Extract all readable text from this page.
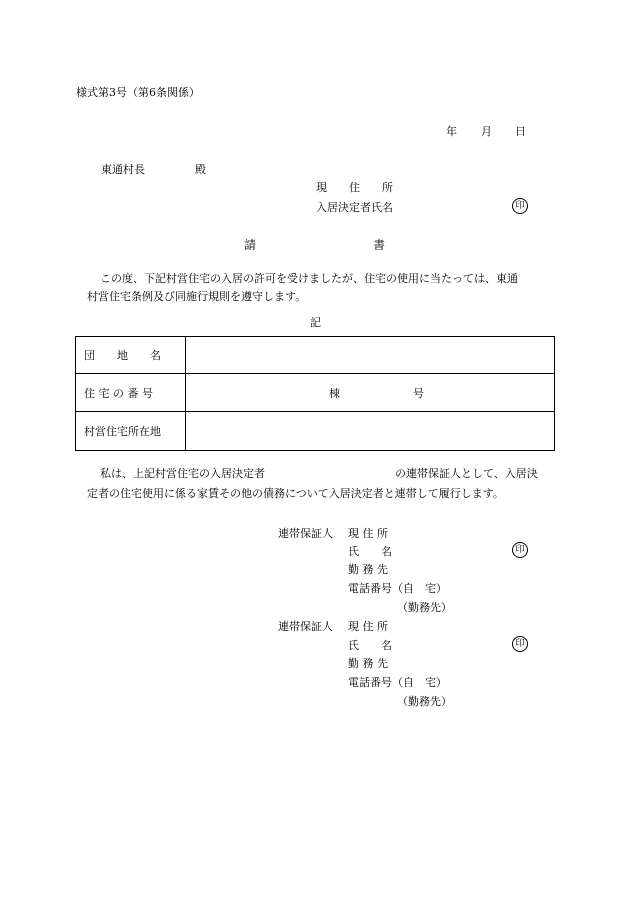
様式第3号（第6条関係）
年 月 日
東通村長	殿
現　　住　　所
入居決定者氏名	印
請	書
この度、下記村営住宅の入居の許可を受けましたが、住宅の使用に当たっては、東通
村営住宅条例及び同施行規則を遵守します。
記
団　　地　　名	
住 宅 の 番 号	棟 号

村営住宅所在地	
私は、上記村営住宅の入居決定者	の連帯保証人として、入居決
定者の住宅使用に係る家賃その他の債務について入居決定者と連帯して履行します。
連帯保証人 現 住 所
氏　　名	印
勤 務 先
電話番号（自　宅）
（勤務先）
連帯保証人 現 住 所
氏　　名	印
勤 務 先
電話番号（自　宅）
（勤務先）
